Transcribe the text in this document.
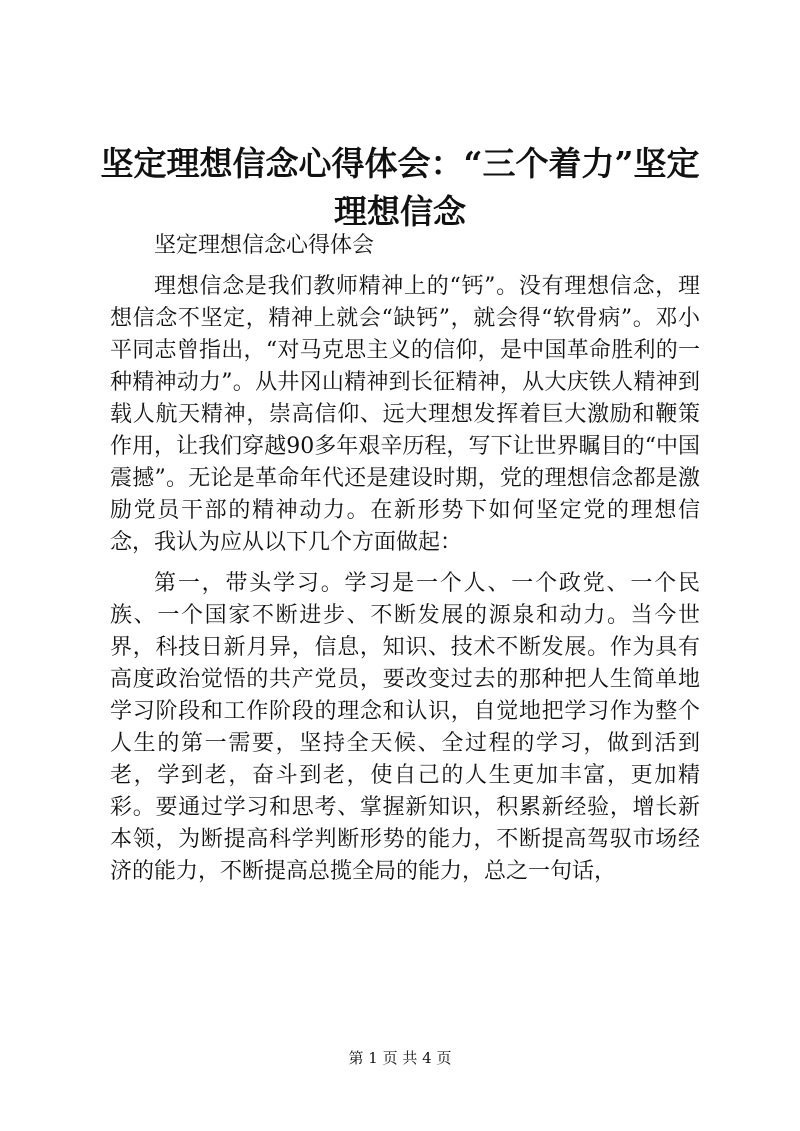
坚定理想信念心得体会：“三个着力”坚定理想信念

坚定理想信念心得体会

理想信念是我们教师精神上的“钙”。没有理想信念，理想信念不坚定，精神上就会“缺钙”，就会得“软骨病”。邓小平同志曾指出，“对马克思主义的信仰，是中国革命胜利的一种精神动力”。从井冈山精神到长征精神，从大庆铁人精神到载人航天精神，崇高信仰、远大理想发挥着巨大激励和鞭策作用，让我们穿越90多年艰辛历程，写下让世界瞩目的“中国震撼”。无论是革命年代还是建设时期，党的理想信念都是激励党员干部的精神动力。在新形势下如何坚定党的理想信念，我认为应从以下几个方面做起：

第一，带头学习。学习是一个人、一个政党、一个民族、一个国家不断进步、不断发展的源泉和动力。当今世界，科技日新月异，信息，知识、技术不断发展。作为具有高度政治觉悟的共产党员，要改变过去的那种把人生简单地学习阶段和工作阶段的理念和认识，自觉地把学习作为整个人生的第一需要，坚持全天候、全过程的学习，做到活到老，学到老，奋斗到老，使自己的人生更加丰富，更加精彩。要通过学习和思考、掌握新知识，积累新经验，增长新本领，为断提高科学判断形势的能力，不断提高驾驭市场经济的能力，不断提高总揽全局的能力，总之一句话，

第 1 页 共 4 页
